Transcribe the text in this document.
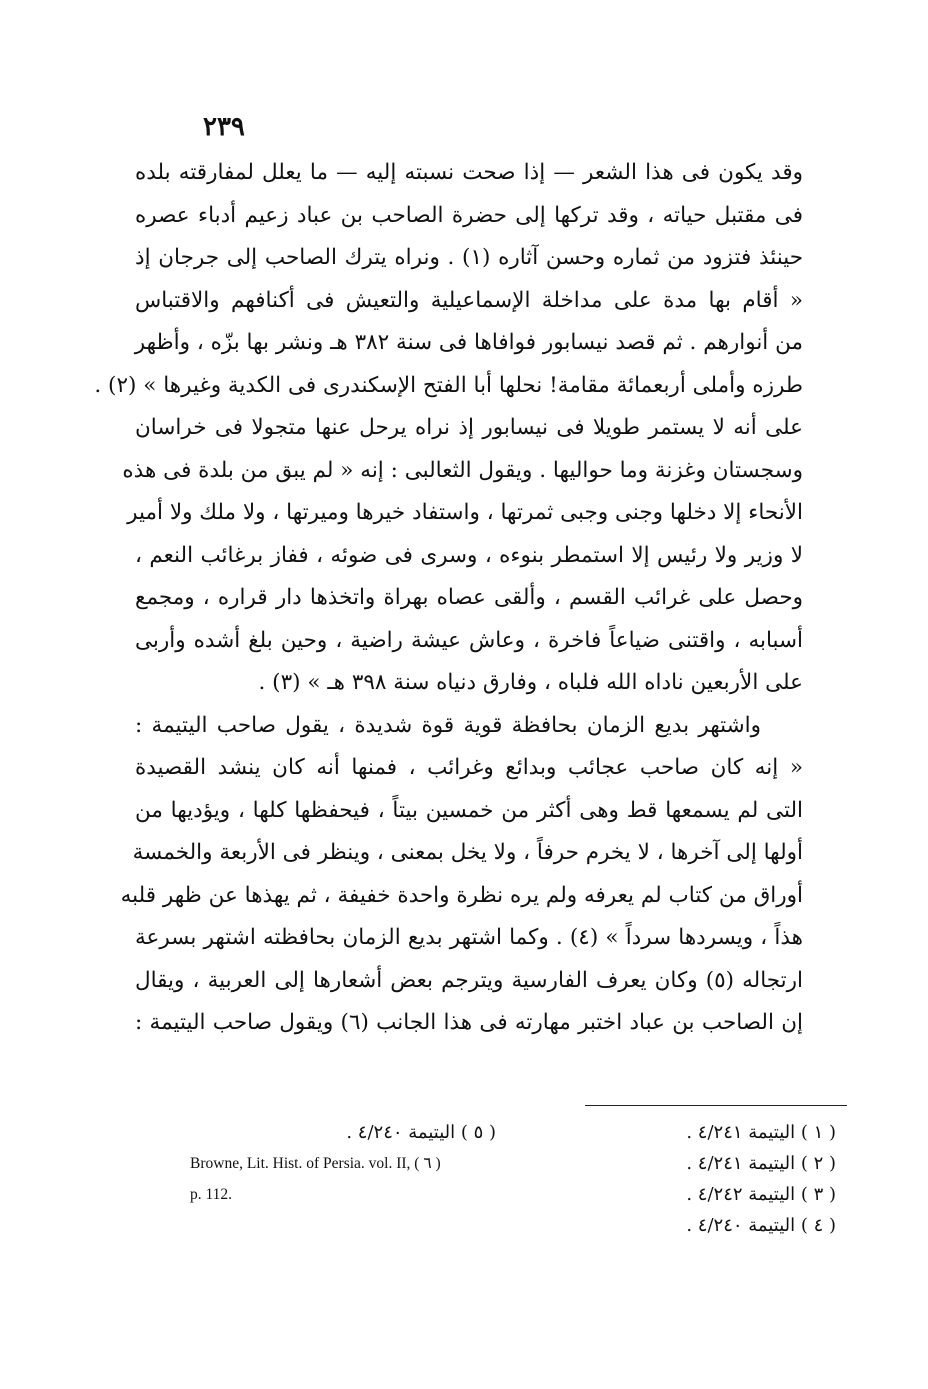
٢٣٩
وقد يكون فى هذا الشعر — إذا صحت نسبته إليه — ما يعلل لمفارقته بلده
فى مقتبل حياته ، وقد تركها إلى حضرة الصاحب بن عباد زعيم أدباء عصره
حينئذ فتزود من ثماره وحسن آثاره (١) . ونراه يترك الصاحب إلى جرجان إذ
« أقام بها مدة على مداخلة الإسماعيلية والتعيش فى أكنافهم والاقتباس
من أنوارهم . ثم قصد نيسابور فوافاها فى سنة ٣٨٢ هـ ونشر بها بزّه ، وأظهر
طرزه وأملى أربعمائة مقامة! نحلها أبا الفتح الإسكندرى فى الكدية وغيرها » (٢) .
على أنه لا يستمر طويلا فى نيسابور إذ نراه يرحل عنها متجولا فى خراسان
وسجستان وغزنة وما حواليها . ويقول الثعالبى : إنه « لم يبق من بلدة فى هذه
الأنحاء إلا دخلها وجنى وجبى ثمرتها ، واستفاد خيرها وميرتها ، ولا ملك ولا أمير
لا وزير ولا رئيس إلا استمطر بنوءه ، وسرى فى ضوئه ، ففاز برغائب النعم ،
وحصل على غرائب القسم ، وألقى عصاه بهراة واتخذها دار قراره ، ومجمع
أسبابه ، واقتنى ضياعاً فاخرة ، وعاش عيشة راضية ، وحين بلغ أشده وأربى
على الأربعين ناداه الله فلباه ، وفارق دنياه سنة ٣٩٨ هـ » (٣) .
واشتهر بديع الزمان بحافظة قوية قوة شديدة ، يقول صاحب اليتيمة :
« إنه كان صاحب عجائب وبدائع وغرائب ، فمنها أنه كان ينشد القصيدة
التى لم يسمعها قط وهى أكثر من خمسين بيتاً ، فيحفظها كلها ، ويؤديها من
أولها إلى آخرها ، لا يخرم حرفاً ، ولا يخل بمعنى ، وينظر فى الأربعة والخمسة
أوراق من كتاب لم يعرفه ولم يره نظرة واحدة خفيفة ، ثم يهذها عن ظهر قلبه
هذاً ، ويسردها سرداً » (٤) . وكما اشتهر بديع الزمان بحافظته اشتهر بسرعة
ارتجاله (٥) وكان يعرف الفارسية ويترجم بعض أشعارها إلى العربية ، ويقال
إن الصاحب بن عباد اختبر مهارته فى هذا الجانب (٦) ويقول صاحب اليتيمة :
( ١ ) اليتيمة ٤/٢٤١ .
( ٢ ) اليتيمة ٤/٢٤١ .
( ٣ ) اليتيمة ٤/٢٤٢ .
( ٤ ) اليتيمة ٤/٢٤٠ .
( ٥ ) اليتيمة ٤/٢٤٠ .
Browne, Lit. Hist. of Persia. vol. II, ( ٦ )
p. 112.
